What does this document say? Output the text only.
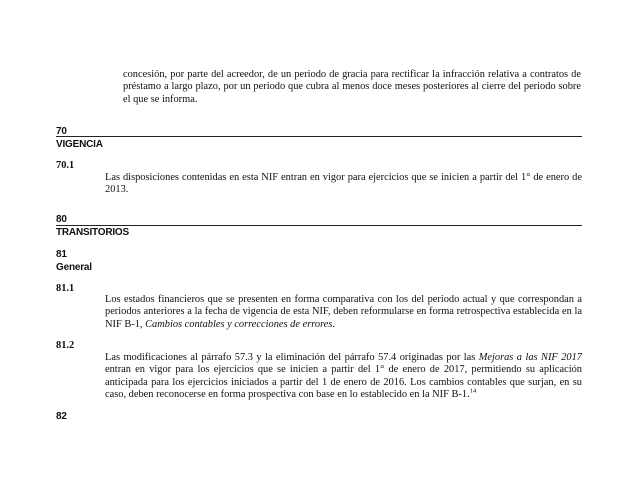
concesión, por parte del acreedor, de un periodo de gracia para rectificar la infracción relativa a contratos de préstamo a largo plazo, por un periodo que cubra al menos doce meses posteriores al cierre del periodo sobre el que se informa.

70
VIGENCIA
70.1

Las disposiciones contenidas en esta NIF entran en vigor para ejercicios que se inicien a partir del 1° de enero de 2013.

80
TRANSITORIOS
81
General
81.1

Los estados financieros que se presenten en forma comparativa con los del periodo actual y que correspondan a periodos anteriores a la fecha de vigencia de esta NIF, deben reformularse en forma retrospectiva establecida en la NIF B-1, Cambios contables y correcciones de errores.

81.2

Las modificaciones al párrafo 57.3 y la eliminación del párrafo 57.4 originadas por las Mejoras a las NIF 2017 entran en vigor para los ejercicios que se inicien a partir del 1° de enero de 2017, permitiendo su aplicación anticipada para los ejercicios iniciados a partir del 1 de enero de 2016. Los cambios contables que surjan, en su caso, deben reconocerse en forma prospectiva con base en lo establecido en la NIF B-1.14

82
